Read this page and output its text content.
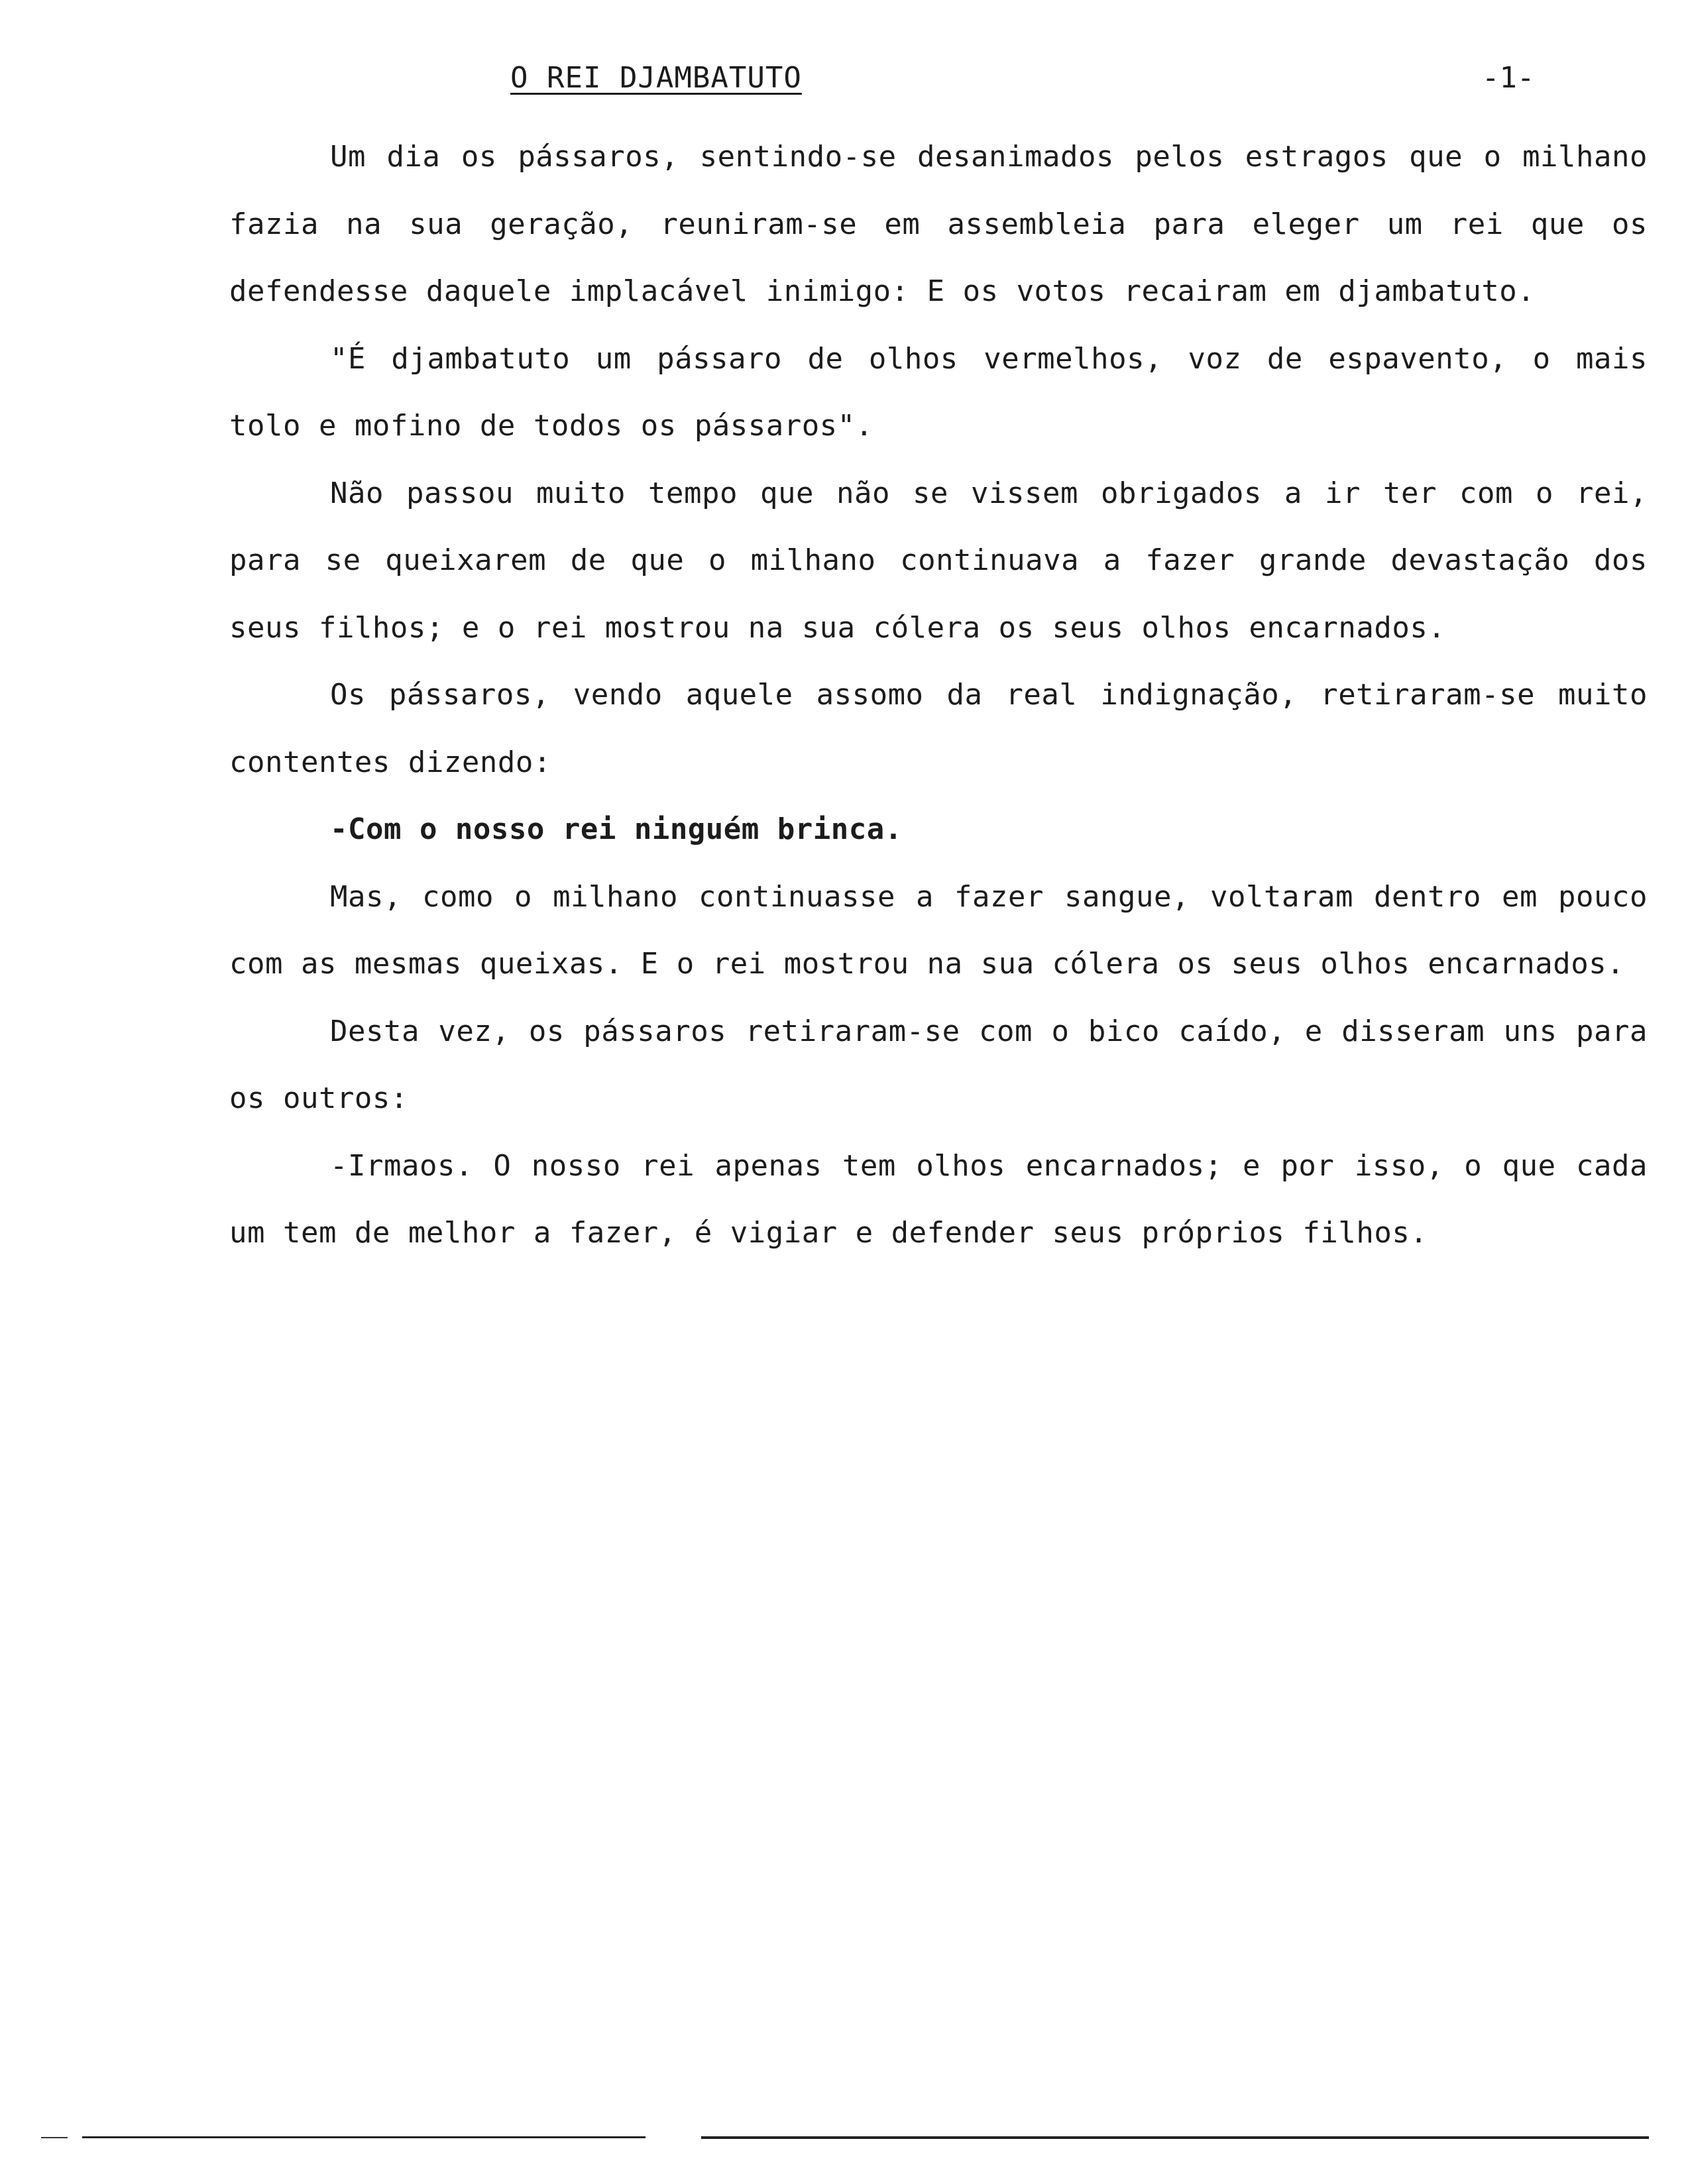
O REI DJAMBATUTO	-1-

Um dia os pássaros, sentindo-se desanimados pelos estragos que o milhano fazia na sua geração, reuniram-se em assembleia para eleger um rei que os defendesse daquele implacável inimigo: E os votos recairam em djambatuto.

"É djambatuto um pássaro de olhos vermelhos, voz de espavento, o mais tolo e mofino de todos os pássaros".

Não passou muito tempo que não se vissem obrigados a ir ter com o rei, para se queixarem de que o milhano continuava a fazer grande devastação dos seus filhos; e o rei mostrou na sua cólera os seus olhos encarnados.

Os pássaros, vendo aquele assomo da real indignação, retiraram-se muito contentes dizendo:

-Com o nosso rei ninguém brinca.

Mas, como o milhano continuasse a fazer sangue, voltaram dentro em pouco com as mesmas queixas. E o rei mostrou na sua cólera os seus olhos encarnados.

Desta vez, os pássaros retiraram-se com o bico caído, e disseram uns para os outros:

-Irmaos. O nosso rei apenas tem olhos encarnados; e por isso, o que cada um tem de melhor a fazer, é vigiar e defender seus próprios filhos.
